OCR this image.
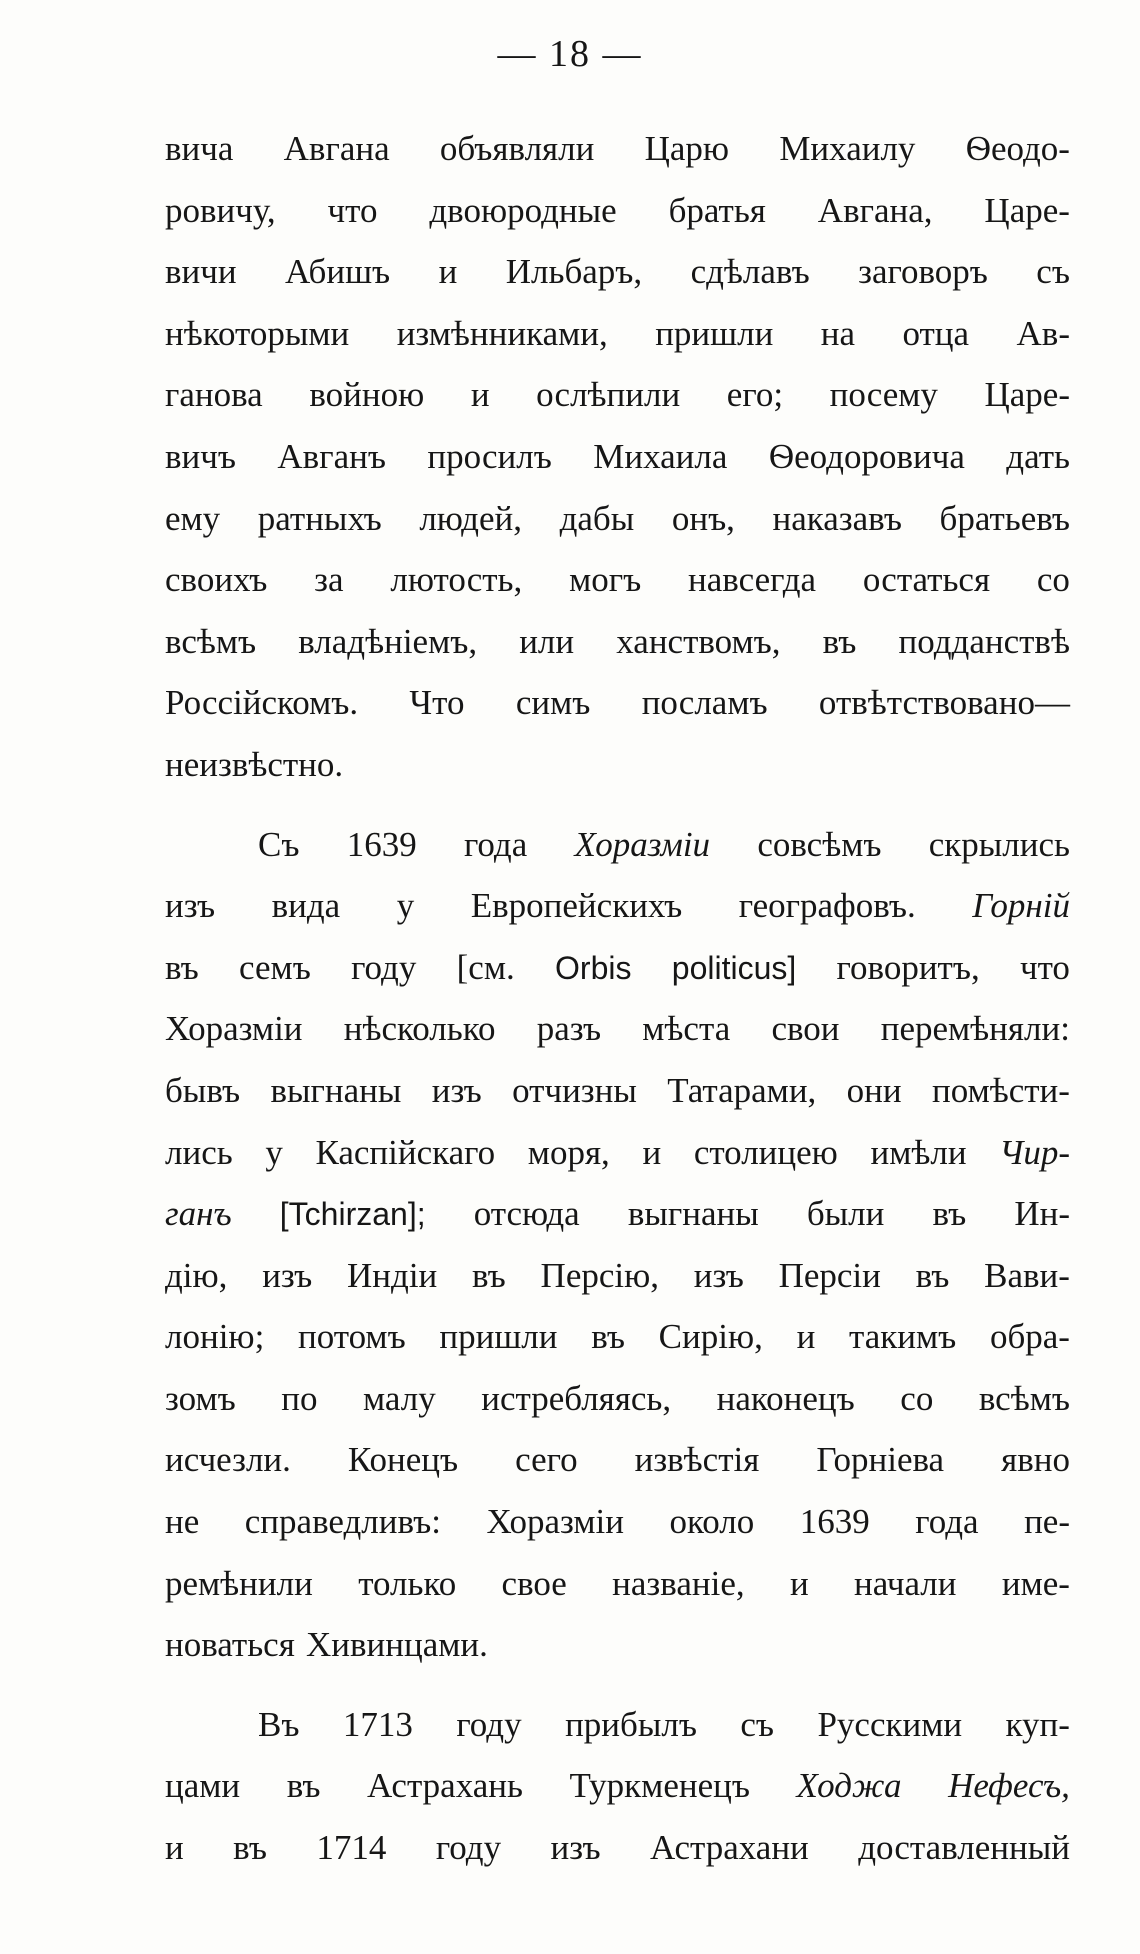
— 18 —
вича Авгана объявляли Царю Михаилу Ѳеодо-
ровичу, что двоюродные братья Авгана, Царе-
вичи Абишъ и Ильбаръ, сдѣлавъ заговоръ съ
нѣкоторыми измѣнниками, пришли на отца Ав-
ганова войною и ослѣпили его; посему Царе-
вичъ Авганъ просилъ Михаила Ѳеодоровича дать
ему ратныхъ людей, дабы онъ, наказавъ братьевъ
своихъ за лютость, могъ навсегда остаться со
всѣмъ владѣніемъ, или ханствомъ, въ подданствѣ
Россійскомъ. Что симъ посламъ отвѣтствовано—
неизвѣстно.
Съ 1639 года Хоразміи совсѣмъ скрылись
изъ вида у Европейскихъ географовъ. Горній
въ семъ году [см. Orbis politicus] говоритъ, что
Хоразміи нѣсколько разъ мѣста свои перемѣняли:
бывъ выгнаны изъ отчизны Татарами, они помѣсти-
лись у Каспійскаго моря, и столицею имѣли Чир-
ганъ [Tchirzan]; отсюда выгнаны были въ Ин-
дію, изъ Индіи въ Персію, изъ Персіи въ Вави-
лонію; потомъ пришли въ Сирію, и такимъ обра-
зомъ по малу истребляясь, наконецъ со всѣмъ
исчезли. Конецъ сего извѣстія Горніева явно
не справедливъ: Хоразміи около 1639 года пе-
ремѣнили только свое названіе, и начали име-
новаться Хивинцами.
Въ 1713 году прибылъ съ Русскими куп-
цами въ Астрахань Туркменецъ Ходжа Нефесъ,
и въ 1714 году изъ Астрахани доставленный
